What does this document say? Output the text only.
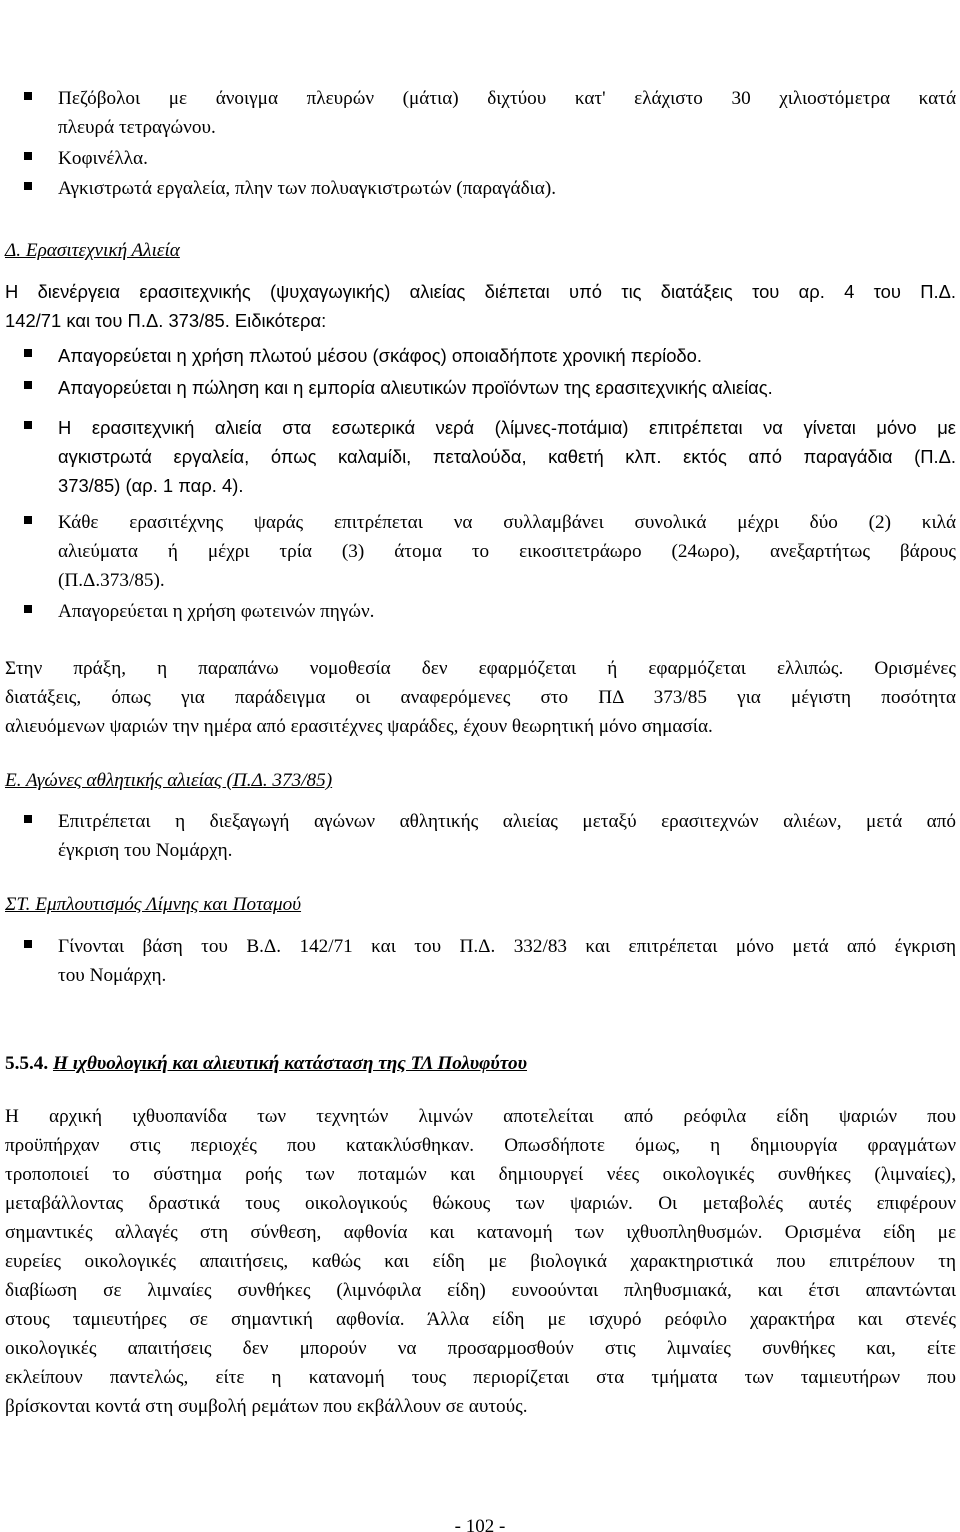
ΕΛΚΕΘΕ - Ινστιτούτο Εσωτερικών Υδάτων
Έργο: ΕΤΜΕ Ιλαρίωνα, Τελική Έκθεση, Ιανουάριος 2009
Πεζόβολοι με άνοιγμα πλευρών (μάτια) διχτύου κατ' ελάχιστο 30 χιλιοστόμετρα κατά
πλευρά τετραγώνου.
Κοφινέλλα.
Αγκιστρωτά εργαλεία, πλην των πολυαγκιστρωτών (παραγάδια).
Δ. Ερασιτεχνική Αλιεία
Η διενέργεια ερασιτεχνικής (ψυχαγωγικής) αλιείας διέπεται υπό τις διατάξεις του αρ. 4 του Π.Δ.
142/71 και του Π.Δ. 373/85. Ειδικότερα:
Απαγορεύεται η χρήση πλωτού μέσου (σκάφος) οποιαδήποτε χρονική περίοδο.
Απαγορεύεται η πώληση και η εμπορία αλιευτικών προϊόντων της ερασιτεχνικής αλιείας.
Η ερασιτεχνική αλιεία στα εσωτερικά νερά (λίμνες-ποτάμια) επιτρέπεται να γίνεται μόνο με
αγκιστρωτά εργαλεία, όπως καλαμίδι, πεταλούδα, καθετή κλπ. εκτός από παραγάδια (Π.Δ.
373/85) (αρ. 1 παρ. 4).
Κάθε ερασιτέχνης ψαράς επιτρέπεται να συλλαμβάνει συνολικά μέχρι δύο (2) κιλά
αλιεύματα ή μέχρι τρία (3) άτομα το εικοσιτετράωρο (24ωρο), ανεξαρτήτως βάρους
(Π.Δ.373/85).
Απαγορεύεται η χρήση φωτεινών πηγών.
Στην πράξη, η παραπάνω νομοθεσία δεν εφαρμόζεται ή εφαρμόζεται ελλιπώς. Ορισμένες
διατάξεις, όπως για παράδειγμα οι αναφερόμενες στο ΠΔ 373/85 για μέγιστη ποσότητα
αλιευόμενων ψαριών την ημέρα από ερασιτέχνες ψαράδες, έχουν θεωρητική μόνο σημασία.
Ε. Αγώνες αθλητικής αλιείας (Π.Δ. 373/85)
Επιτρέπεται η διεξαγωγή αγώνων αθλητικής αλιείας μεταξύ ερασιτεχνών αλιέων, μετά από
έγκριση του Νομάρχη.
ΣΤ. Εμπλουτισμός Λίμνης και Ποταμού
Γίνονται βάση του Β.Δ. 142/71 και του Π.Δ. 332/83 και επιτρέπεται μόνο μετά από έγκριση
του Νομάρχη.
5.5.4. Η ιχθυολογική και αλιευτική κατάσταση της ΤΛ Πολυφύτου
Η αρχική ιχθυοπανίδα των τεχνητών λιμνών αποτελείται από ρεόφιλα είδη ψαριών που
προϋπήρχαν στις περιοχές που κατακλύσθηκαν. Οπωσδήποτε όμως, η δημιουργία φραγμάτων
τροποποιεί το σύστημα ροής των ποταμών και δημιουργεί νέες οικολογικές συνθήκες (λιμναίες),
μεταβάλλοντας δραστικά τους οικολογικούς θώκους των ψαριών. Οι μεταβολές αυτές επιφέρουν
σημαντικές αλλαγές στη σύνθεση, αφθονία και κατανομή των ιχθυοπληθυσμών. Ορισμένα είδη με
ευρείες οικολογικές απαιτήσεις, καθώς και είδη με βιολογικά χαρακτηριστικά που επιτρέπουν τη
διαβίωση σε λιμναίες συνθήκες (λιμνόφιλα είδη) ευνοούνται πληθυσμιακά, και έτσι απαντώνται
στους ταμιευτήρες σε σημαντική αφθονία. Άλλα είδη με ισχυρό ρεόφιλο χαρακτήρα και στενές
οικολογικές απαιτήσεις δεν μπορούν να προσαρμοσθούν στις λιμναίες συνθήκες και, είτε
εκλείπουν παντελώς, είτε η κατανομή τους περιορίζεται στα τμήματα των ταμιευτήρων που
βρίσκονται κοντά στη συμβολή ρεμάτων που εκβάλλουν σε αυτούς.
- 102 -
